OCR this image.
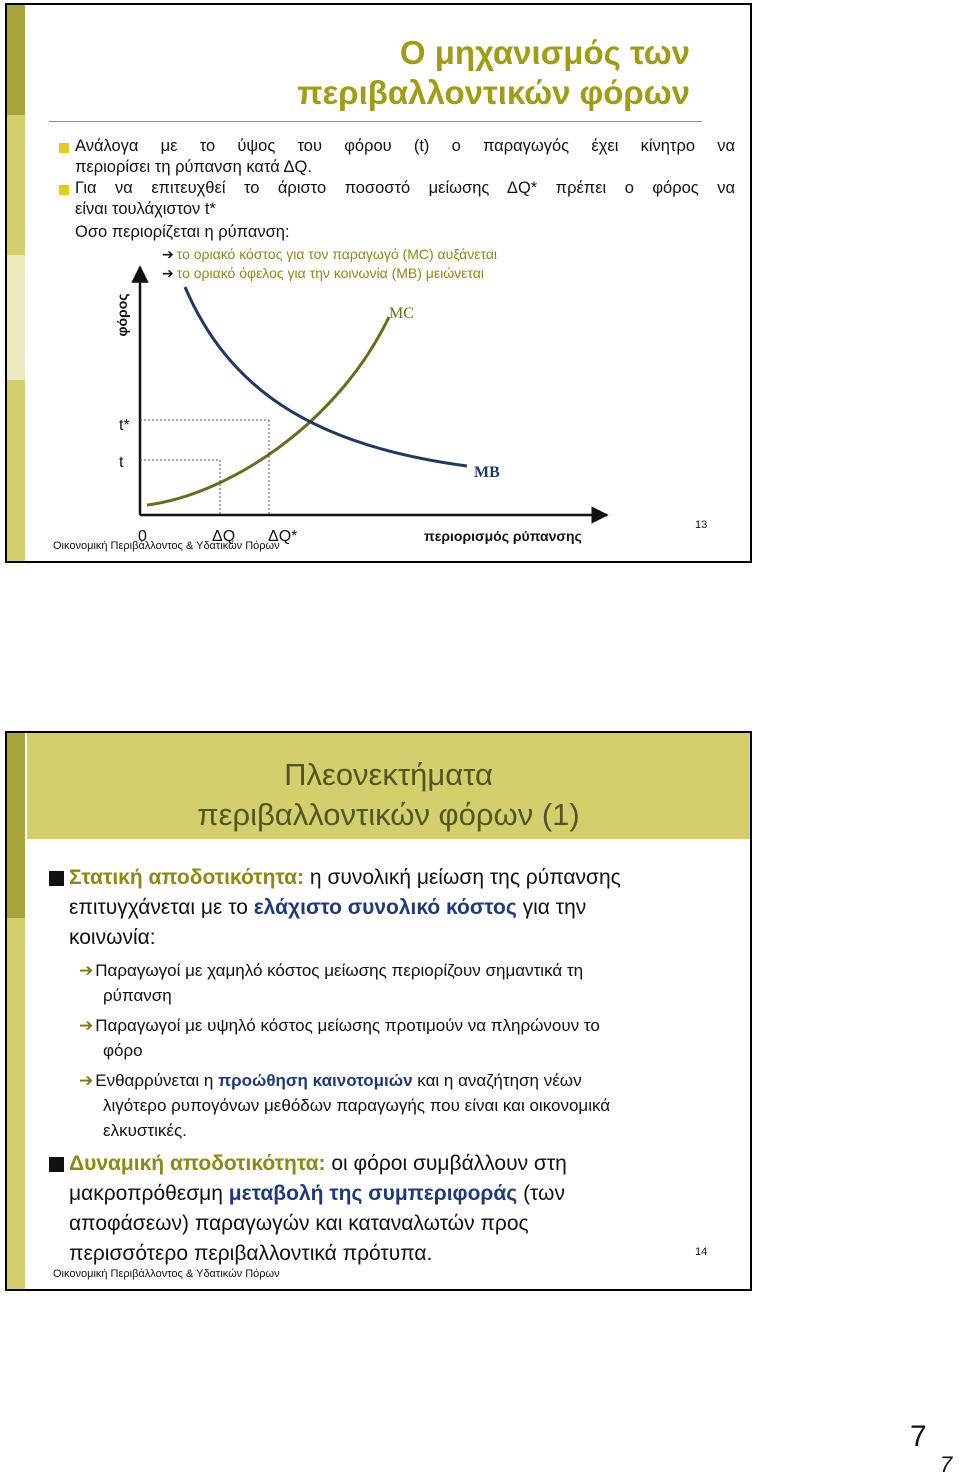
Ο μηχανισμός των
περιβαλλοντικών φόρων
Ανάλογα με το ύψος του φόρου (t) ο παραγωγός έχει κίνητρο να
περιορίσει τη ρύπανση κατά ΔQ.
Για να επιτευχθεί το άριστο ποσοστό μείωσης ΔQ* πρέπει ο φόρος να
είναι τουλάχιστον t*
Οσο περιορίζεται η ρύπανση:
➔ το οριακό κόστος για τον παραγωγό (MC) αυξάνεται
➔ το οριακό όφελος για την κοινωνία (MB) μειώνεται
φόρος	MC
MB
t*
t
0	ΔQ ΔQ*	περιορισμός ρύπανσης
Οικονομική Περιβάλλοντος & Υδατικών Πόρων
13
Πλεονεκτήματα
περιβαλλοντικών φόρων (1)
Στατική αποδοτικότητα: η συνολική μείωση της ρύπανσης
επιτυγχάνεται με το ελάχιστο συνολικό κόστος για την
κοινωνία:
➔ Παραγωγοί με χαμηλό κόστος μείωσης περιορίζουν σημαντικά τη
ρύπανση
➔ Παραγωγοί με υψηλό κόστος μείωσης προτιμούν να πληρώνουν το
φόρο
➔ Ενθαρρύνεται η προώθηση καινοτομιών και η αναζήτηση νέων
λιγότερο ρυπογόνων μεθόδων παραγωγής που είναι και οικονομικά
ελκυστικές.
Δυναμική αποδοτικότητα: οι φόροι συμβάλλουν στη
μακροπρόθεσμη μεταβολή της συμπεριφοράς (των
αποφάσεων) παραγωγών και καταναλωτών προς
περισσότερο περιβαλλοντικά πρότυπα.
Οικονομική Περιβάλλοντος & Υδατικών Πόρων
14
7
7
